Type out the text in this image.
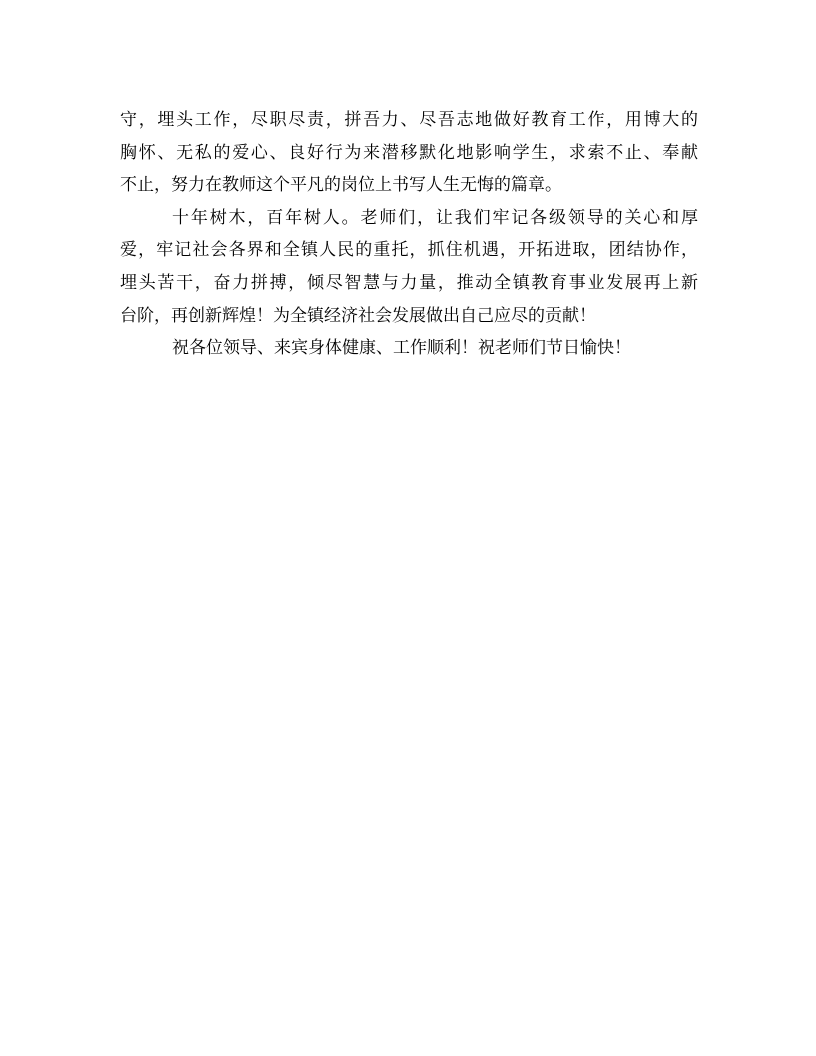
守，埋头工作，尽职尽责，拼吾力、尽吾志地做好教育工作，用博大的
胸怀、无私的爱心、良好行为来潜移默化地影响学生，求索不止、奉献
不止，努力在教师这个平凡的岗位上书写人生无悔的篇章。

十年树木，百年树人。老师们，让我们牢记各级领导的关心和厚
爱，牢记社会各界和全镇人民的重托，抓住机遇，开拓进取，团结协作，
埋头苦干，奋力拼搏，倾尽智慧与力量，推动全镇教育事业发展再上新
台阶，再创新辉煌！为全镇经济社会发展做出自己应尽的贡献！

祝各位领导、来宾身体健康、工作顺利！祝老师们节日愉快！
